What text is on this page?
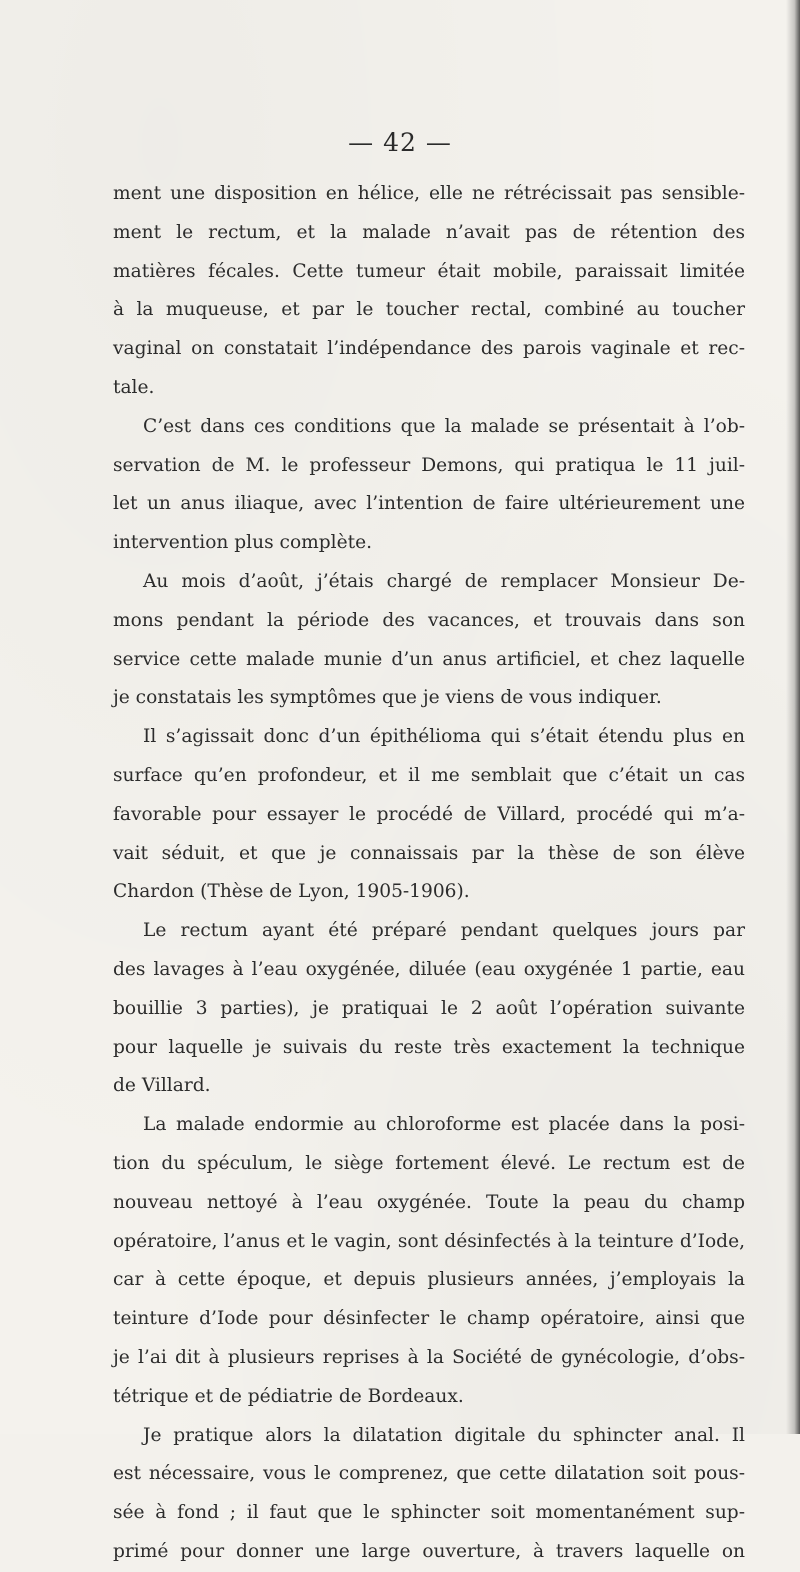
— 42 —
ment une disposition en hélice, elle ne rétrécissait pas sensible-
ment le rectum, et la malade n’avait pas de rétention des
matières fécales. Cette tumeur était mobile, paraissait limitée
à la muqueuse, et par le toucher rectal, combiné au toucher
vaginal on constatait l’indépendance des parois vaginale et rec-
tale.
C’est dans ces conditions que la malade se présentait à l’ob-
servation de M. le professeur Demons, qui pratiqua le 11 juil-
let un anus iliaque, avec l’intention de faire ultérieurement une
intervention plus complète.
Au mois d’août, j’étais chargé de remplacer Monsieur De-
mons pendant la période des vacances, et trouvais dans son
service cette malade munie d’un anus artificiel, et chez laquelle
je constatais les symptômes que je viens de vous indiquer.
Il s’agissait donc d’un épithélioma qui s’était étendu plus en
surface qu’en profondeur, et il me semblait que c’était un cas
favorable pour essayer le procédé de Villard, procédé qui m’a-
vait séduit, et que je connaissais par la thèse de son élève
Chardon (Thèse de Lyon, 1905-1906).
Le rectum ayant été préparé pendant quelques jours par
des lavages à l’eau oxygénée, diluée (eau oxygénée 1 partie, eau
bouillie 3 parties), je pratiquai le 2 août l’opération suivante
pour laquelle je suivais du reste très exactement la technique
de Villard.
La malade endormie au chloroforme est placée dans la posi-
tion du spéculum, le siège fortement élevé. Le rectum est de
nouveau nettoyé à l’eau oxygénée. Toute la peau du champ
opératoire, l’anus et le vagin, sont désinfectés à la teinture d’Iode,
car à cette époque, et depuis plusieurs années, j’employais la
teinture d’Iode pour désinfecter le champ opératoire, ainsi que
je l’ai dit à plusieurs reprises à la Société de gynécologie, d’obs-
tétrique et de pédiatrie de Bordeaux.
Je pratique alors la dilatation digitale du sphincter anal. Il
est nécessaire, vous le comprenez, que cette dilatation soit pous-
sée à fond ; il faut que le sphincter soit momentanément sup-
primé pour donner une large ouverture, à travers laquelle on
